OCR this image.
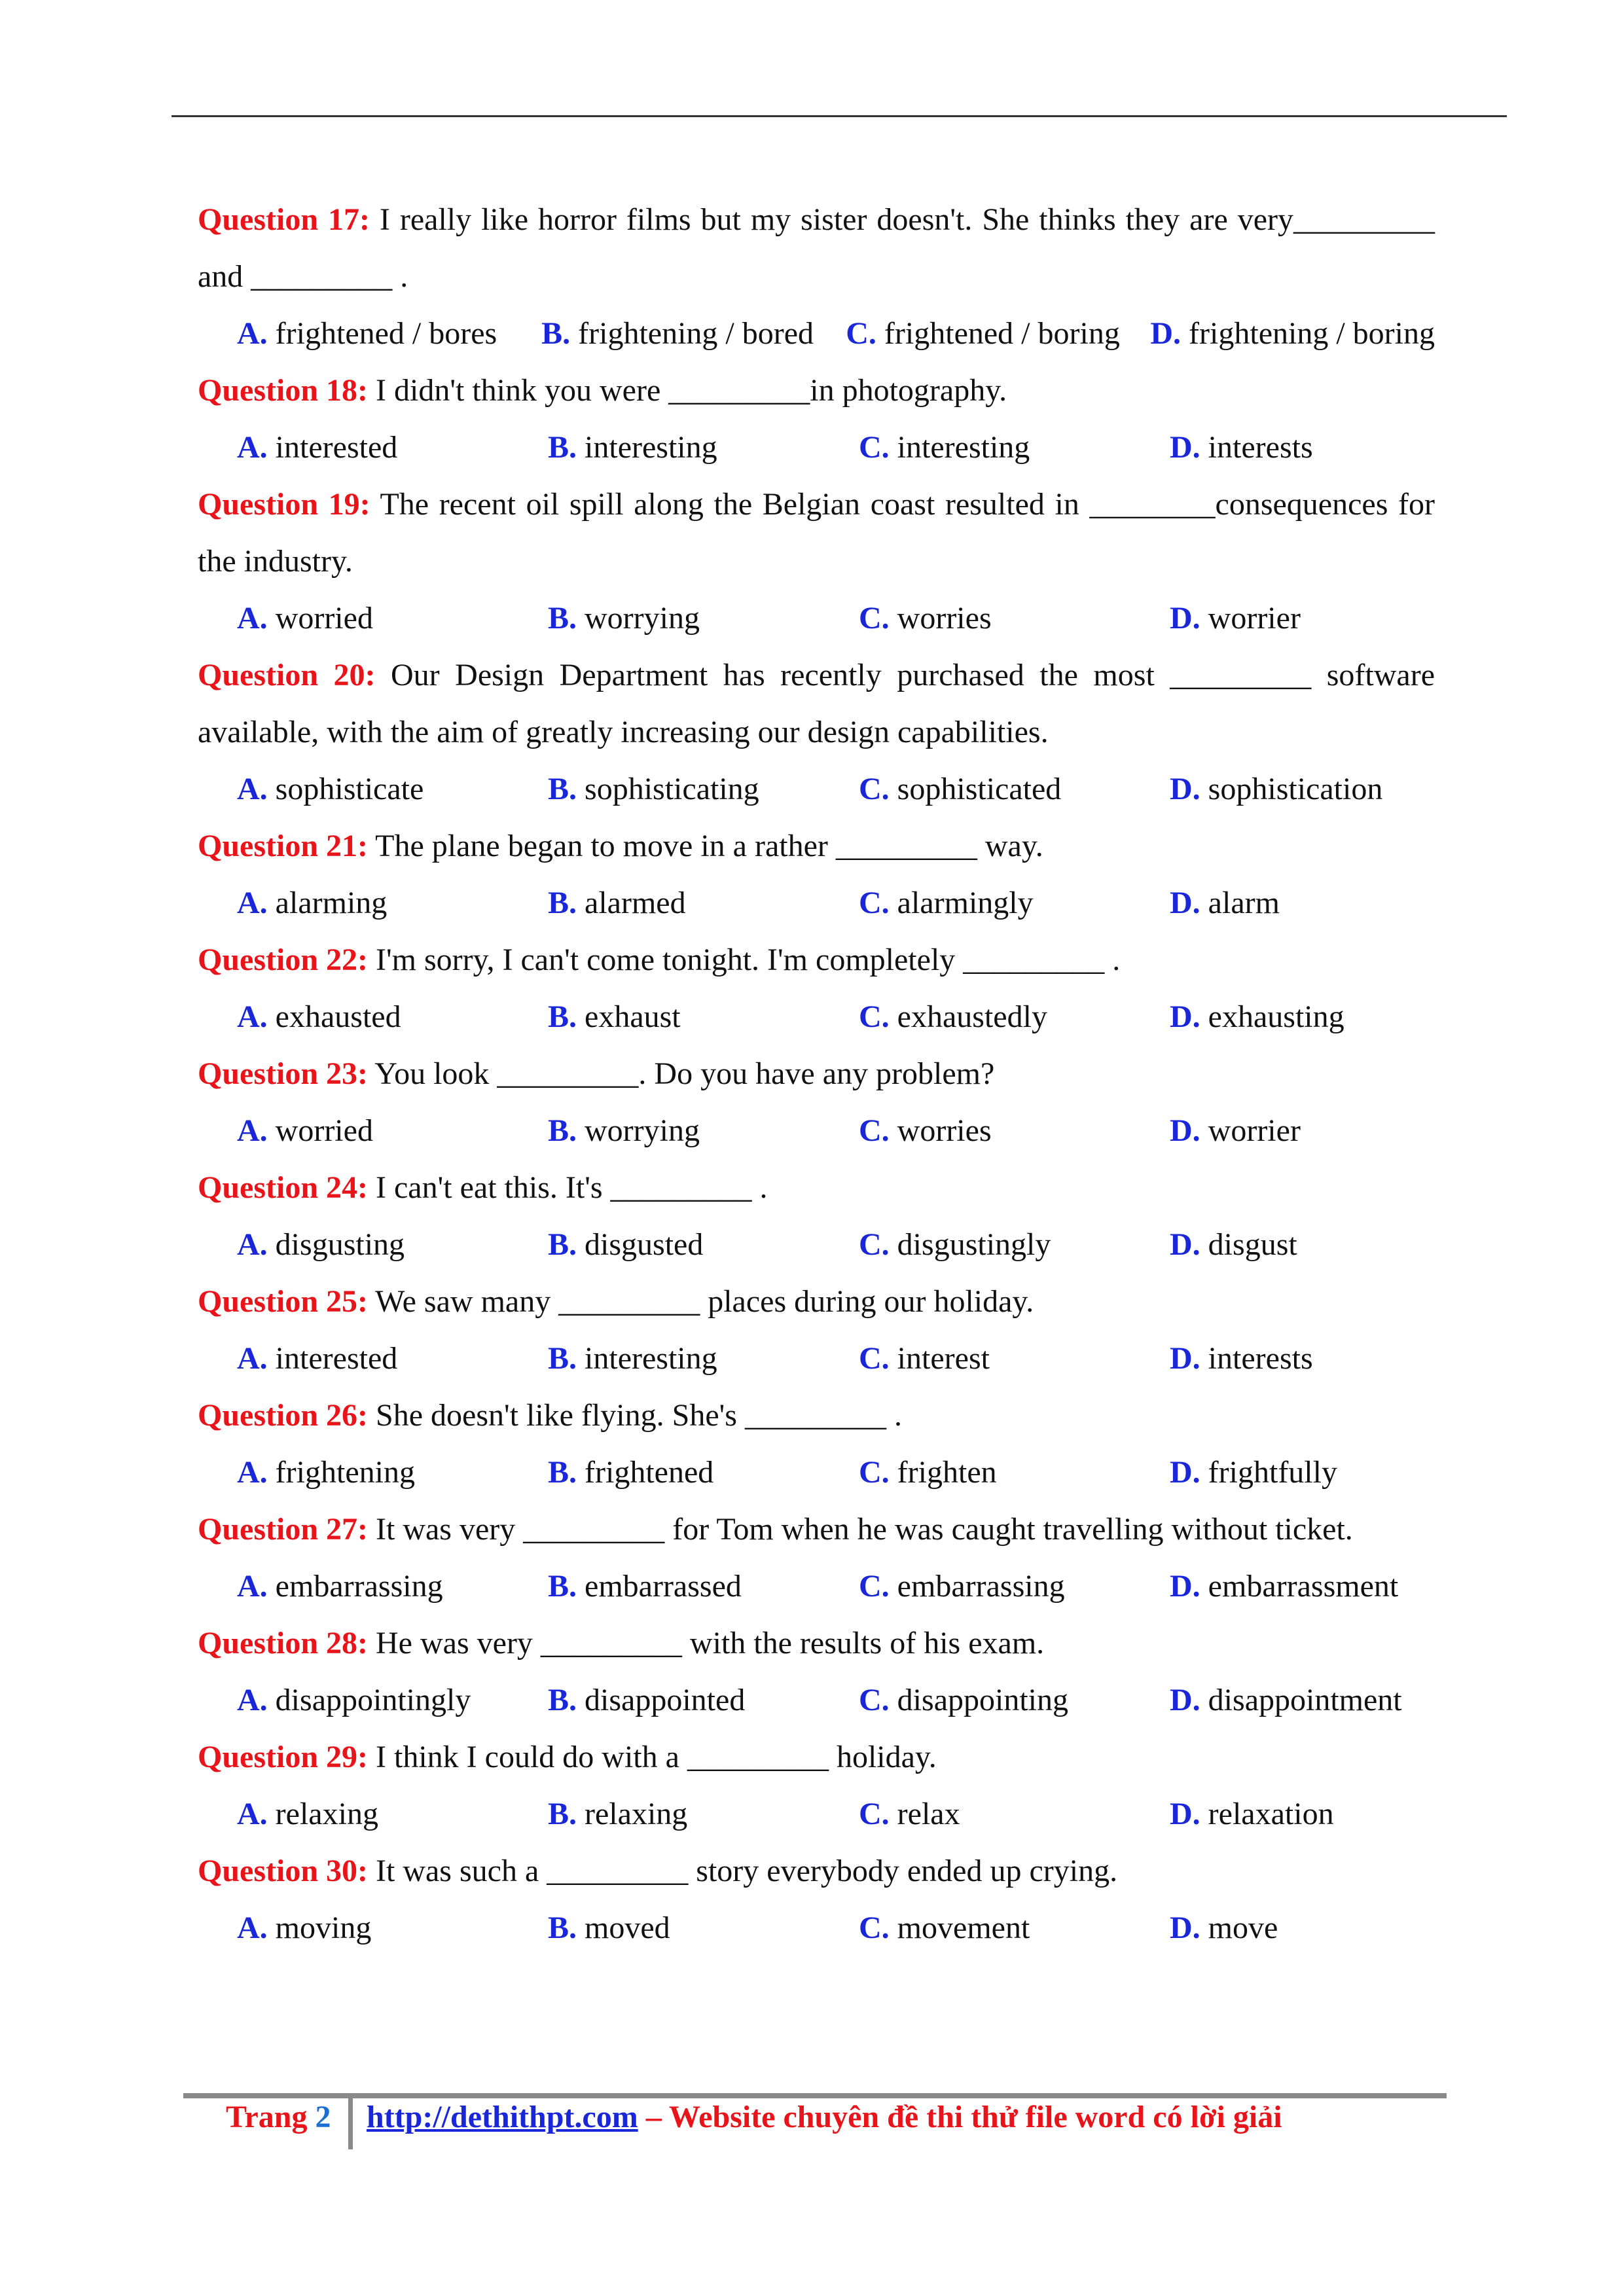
Question 17: I really like horror films but my sister doesn't. She thinks they are very_________ and _________ .
A. frightened / bores	B. frightening / bored	C. frightened / boring D. frightening / boring
Question 18: I didn't think you were _________in photography.
A. interested	B. interesting	C. interesting	D. interests
Question 19: The recent oil spill along the Belgian coast resulted in ________consequences for the industry.
A. worried	B. worrying	C. worries	D. worrier
Question 20: Our Design Department has recently purchased the most _________ software available, with the aim of greatly increasing our design capabilities.
A. sophisticate	B. sophisticating	C. sophisticated	D. sophistication
Question 21: The plane began to move in a rather _________ way.
A. alarming	B. alarmed	C. alarmingly	D. alarm
Question 22: I'm sorry, I can't come tonight. I'm completely _________ .
A. exhausted	B. exhaust	C. exhaustedly	D. exhausting
Question 23: You look _________. Do you have any problem?
A. worried	B. worrying	C. worries	D. worrier
Question 24: I can't eat this. It's _________ .
A. disgusting	B. disgusted	C. disgustingly	D. disgust
Question 25: We saw many _________ places during our holiday.
A. interested	B. interesting	C. interest	D. interests
Question 26: She doesn't like flying. She's _________ .
A. frightening	B. frightened	C. frighten	D. frightfully
Question 27: It was very _________ for Tom when he was caught travelling without ticket.
A. embarrassing	B. embarrassed	C. embarrassing	D. embarrassment
Question 28: He was very _________ with the results of his exam.
A. disappointingly	B. disappointed	C. disappointing	D. disappointment
Question 29: I think I could do with a _________ holiday.
A. relaxing	B. relaxing	C. relax	D. relaxation
Question 30: It was such a _________ story everybody ended up crying.
A. moving	B. moved	C. movement	D. move
Trang 2 http://dethithpt.com – Website chuyên đề thi thử file word có lời giải
